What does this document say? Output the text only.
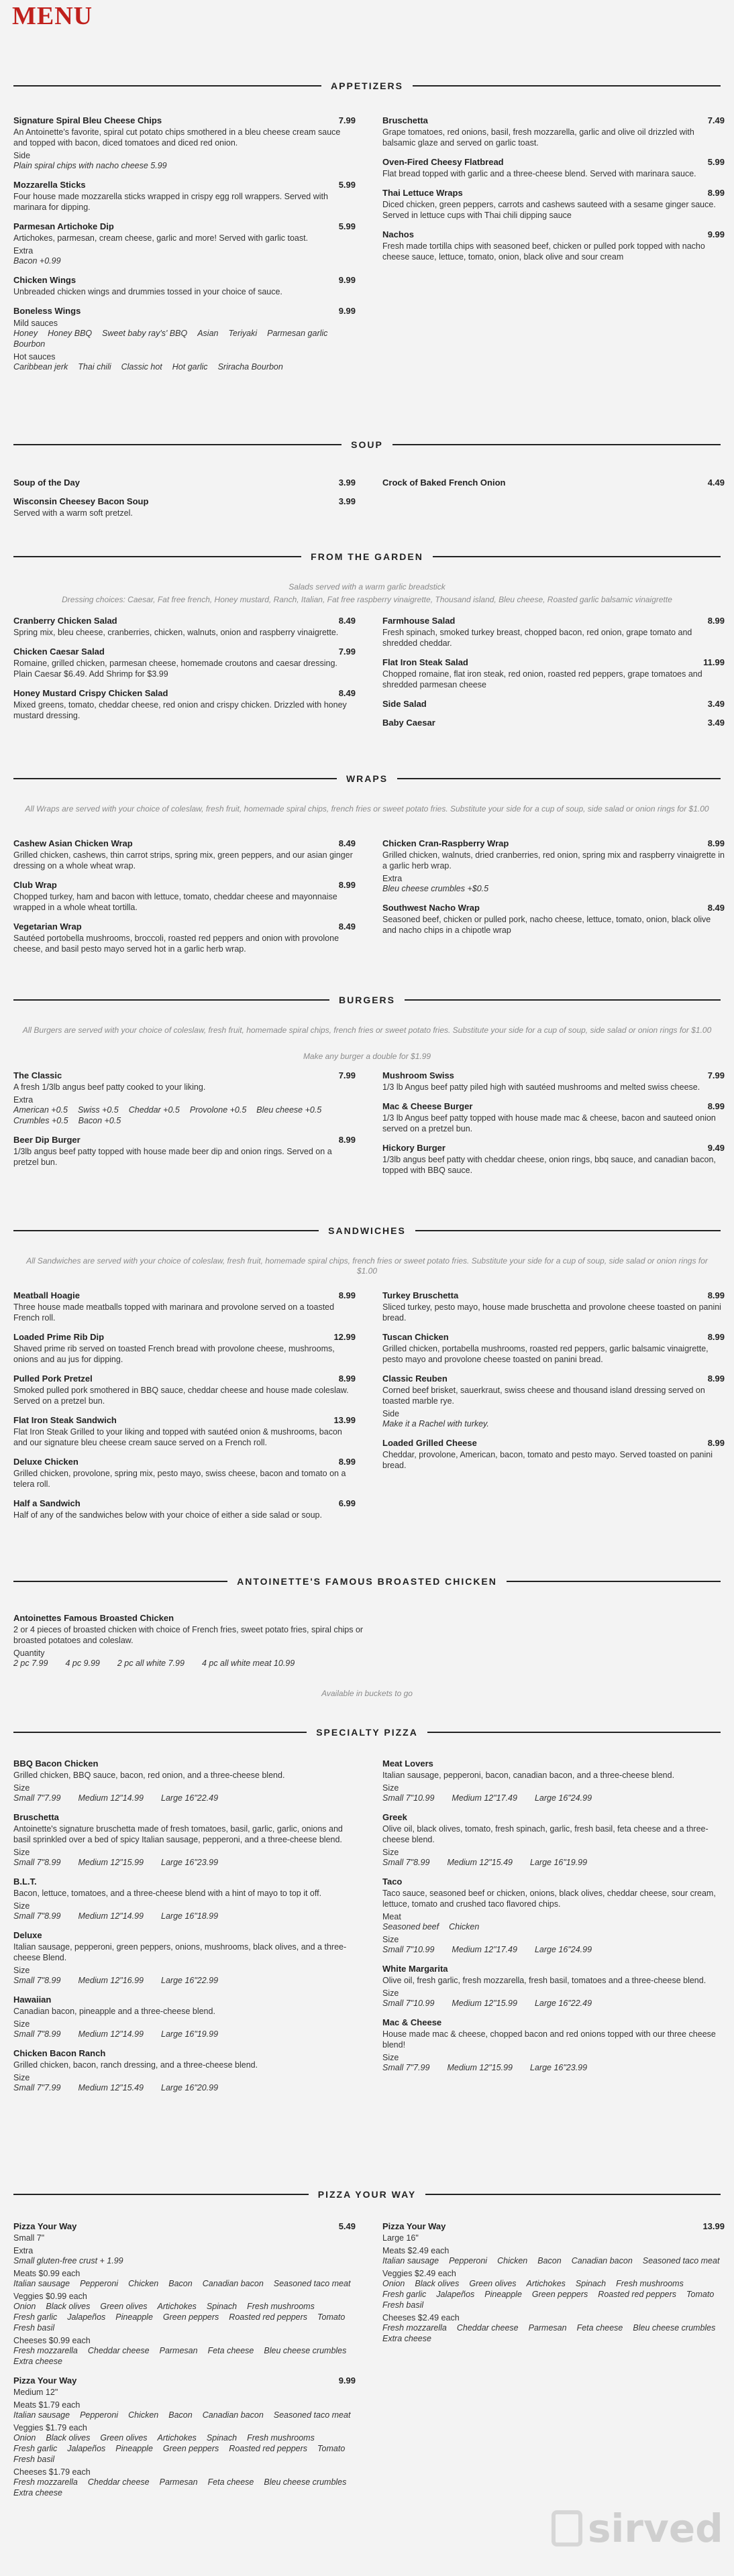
MENU
APPETIZERS
Signature Spiral Bleu Cheese Chips	7.99
An Antoinette's favorite, spiral cut potato chips smothered in a bleu cheese cream sauce and topped with bacon, diced tomatoes and diced red onion.
Side
Plain spiral chips with nacho cheese 5.99
Mozzarella Sticks	5.99
Four house made mozzarella sticks wrapped in crispy egg roll wrappers. Served with marinara for dipping.
Parmesan Artichoke Dip	5.99
Artichokes, parmesan, cream cheese, garlic and more! Served with garlic toast.
Extra
Bacon +0.99
Chicken Wings	9.99
Unbreaded chicken wings and drummies tossed in your choice of sauce.
Boneless Wings	9.99
Mild sauces
Honey Honey BBQ Sweet baby ray's' BBQ Asian Teriyaki Parmesan garlic
Bourbon
Hot sauces
Caribbean jerk Thai chili Classic hot Hot garlic Sriracha Bourbon
Bruschetta	7.49
Grape tomatoes, red onions, basil, fresh mozzarella, garlic and olive oil drizzled with balsamic glaze and served on garlic toast.
Oven-Fired Cheesy Flatbread	5.99
Flat bread topped with garlic and a three-cheese blend. Served with marinara sauce.
Thai Lettuce Wraps	8.99
Diced chicken, green peppers, carrots and cashews sauteed with a sesame ginger sauce. Served in lettuce cups with Thai chili dipping sauce
Nachos	9.99
Fresh made tortilla chips with seasoned beef, chicken or pulled pork topped with nacho cheese sauce, lettuce, tomato, onion, black olive and sour cream
SOUP
Soup of the Day	3.99
Wisconsin Cheesey Bacon Soup	3.99
Served with a warm soft pretzel.
Crock of Baked French Onion	4.49
FROM THE GARDEN
Salads served with a warm garlic breadstick
Dressing choices: Caesar, Fat free french, Honey mustard, Ranch, Italian, Fat free raspberry vinaigrette, Thousand island, Bleu cheese, Roasted garlic balsamic vinaigrette
Cranberry Chicken Salad	8.49
Spring mix, bleu cheese, cranberries, chicken, walnuts, onion and raspberry vinaigrette.
Chicken Caesar Salad	7.99
Romaine, grilled chicken, parmesan cheese, homemade croutons and caesar dressing. Plain Caesar $6.49. Add Shrimp for $3.99
Honey Mustard Crispy Chicken Salad	8.49
Mixed greens, tomato, cheddar cheese, red onion and crispy chicken. Drizzled with honey mustard dressing.
Farmhouse Salad	8.99
Fresh spinach, smoked turkey breast, chopped bacon, red onion, grape tomato and shredded cheddar.
Flat Iron Steak Salad	11.99
Chopped romaine, flat iron steak, red onion, roasted red peppers, grape tomatoes and shredded parmesan cheese
Side Salad	3.49
Baby Caesar	3.49
WRAPS
All Wraps are served with your choice of coleslaw, fresh fruit, homemade spiral chips, french fries or sweet potato fries. Substitute your side for a cup of soup, side salad or onion rings for $1.00
Cashew Asian Chicken Wrap	8.49
Grilled chicken, cashews, thin carrot strips, spring mix, green peppers, and our asian ginger dressing on a whole wheat wrap.
Club Wrap	8.99
Chopped turkey, ham and bacon with lettuce, tomato, cheddar cheese and mayonnaise wrapped in a whole wheat tortilla.
Vegetarian Wrap	8.49
Sautéed portobella mushrooms, broccoli, roasted red peppers and onion with provolone cheese, and basil pesto mayo served hot in a garlic herb wrap.
Chicken Cran-Raspberry Wrap	8.99
Grilled chicken, walnuts, dried cranberries, red onion, spring mix and raspberry vinaigrette in a garlic herb wrap.
Extra
Bleu cheese crumbles +$0.5
Southwest Nacho Wrap	8.49
Seasoned beef, chicken or pulled pork, nacho cheese, lettuce, tomato, onion, black olive and nacho chips in a chipotle wrap
BURGERS
All Burgers are served with your choice of coleslaw, fresh fruit, homemade spiral chips, french fries or sweet potato fries. Substitute your side for a cup of soup, side salad or onion rings for $1.00
Make any burger a double for $1.99
The Classic	7.99
A fresh 1/3lb angus beef patty cooked to your liking.
Extra
American +0.5 Swiss +0.5 Cheddar +0.5 Provolone +0.5 Bleu cheese +0.5
Crumbles +0.5 Bacon +0.5
Beer Dip Burger	8.99
1/3lb angus beef patty topped with house made beer dip and onion rings. Served on a pretzel bun.
Mushroom Swiss	7.99
1/3 lb Angus beef patty piled high with sautéed mushrooms and melted swiss cheese.
Mac & Cheese Burger	8.99
1/3 lb Angus beef patty topped with house made mac & cheese, bacon and sauteed onion served on a pretzel bun.
Hickory Burger	9.49
1/3lb angus beef patty with cheddar cheese, onion rings, bbq sauce, and canadian bacon, topped with BBQ sauce.
SANDWICHES
All Sandwiches are served with your choice of coleslaw, fresh fruit, homemade spiral chips, french fries or sweet potato fries. Substitute your side for a cup of soup, side salad or onion rings for $1.00
Meatball Hoagie	8.99
Three house made meatballs topped with marinara and provolone served on a toasted French roll.
Loaded Prime Rib Dip	12.99
Shaved prime rib served on toasted French bread with provolone cheese, mushrooms, onions and au jus for dipping.
Pulled Pork Pretzel	8.99
Smoked pulled pork smothered in BBQ sauce, cheddar cheese and house made coleslaw. Served on a pretzel bun.
Flat Iron Steak Sandwich	13.99
Flat Iron Steak Grilled to your liking and topped with sautéed onion & mushrooms, bacon and our signature bleu cheese cream sauce served on a French roll.
Deluxe Chicken	8.99
Grilled chicken, provolone, spring mix, pesto mayo, swiss cheese, bacon and tomato on a telera roll.
Half a Sandwich	6.99
Half of any of the sandwiches below with your choice of either a side salad or soup.
Turkey Bruschetta	8.99
Sliced turkey, pesto mayo, house made bruschetta and provolone cheese toasted on panini bread.
Tuscan Chicken	8.99
Grilled chicken, portabella mushrooms, roasted red peppers, garlic balsamic vinaigrette, pesto mayo and provolone cheese toasted on panini bread.
Classic Reuben	8.99
Corned beef brisket, sauerkraut, swiss cheese and thousand island dressing served on toasted marble rye.
Side
Make it a Rachel with turkey.
Loaded Grilled Cheese	8.99
Cheddar, provolone, American, bacon, tomato and pesto mayo. Served toasted on panini bread.
ANTOINETTE'S FAMOUS BROASTED CHICKEN
Antoinettes Famous Broasted Chicken
2 or 4 pieces of broasted chicken with choice of French fries, sweet potato fries, spiral chips or broasted potatoes and coleslaw.
Quantity
2 pc 7.99 4 pc 9.99 2 pc all white 7.99 4 pc all white meat 10.99
Available in buckets to go
SPECIALTY PIZZA
BBQ Bacon Chicken
Grilled chicken, BBQ sauce, bacon, red onion, and a three-cheese blend.
Size
Small 7"7.99 Medium 12"14.99 Large 16"22.49
Bruschetta
Antoinette's signature bruschetta made of fresh tomatoes, basil, garlic, garlic, onions and basil sprinkled over a bed of spicy Italian sausage, pepperoni, and a three-cheese blend.
Size
Small 7"8.99 Medium 12"15.99 Large 16"23.99
B.L.T.
Bacon, lettuce, tomatoes, and a three-cheese blend with a hint of mayo to top it off.
Size
Small 7"8.99 Medium 12"14.99 Large 16"18.99
Deluxe
Italian sausage, pepperoni, green peppers, onions, mushrooms, black olives, and a three-cheese Blend.
Size
Small 7"8.99 Medium 12"16.99 Large 16"22.99
Hawaiian
Canadian bacon, pineapple and a three-cheese blend.
Size
Small 7"8.99 Medium 12"14.99 Large 16"19.99
Chicken Bacon Ranch
Grilled chicken, bacon, ranch dressing, and a three-cheese blend.
Size
Small 7"7.99 Medium 12"15.49 Large 16"20.99
Meat Lovers
Italian sausage, pepperoni, bacon, canadian bacon, and a three-cheese blend.
Size
Small 7"10.99 Medium 12"17.49 Large 16"24.99
Greek
Olive oil, black olives, tomato, fresh spinach, garlic, fresh basil, feta cheese and a three-cheese blend.
Size
Small 7"8.99 Medium 12"15.49 Large 16"19.99
Taco
Taco sauce, seasoned beef or chicken, onions, black olives, cheddar cheese, sour cream, lettuce, tomato and crushed taco flavored chips.
Meat
Seasoned beef Chicken
Size
Small 7"10.99 Medium 12"17.49 Large 16"24.99
White Margarita
Olive oil, fresh garlic, fresh mozzarella, fresh basil, tomatoes and a three-cheese blend.
Size
Small 7"10.99 Medium 12"15.99 Large 16"22.49
Mac & Cheese
House made mac & cheese, chopped bacon and red onions topped with our three cheese blend!
Size
Small 7"7.99 Medium 12"15.99 Large 16"23.99
PIZZA YOUR WAY
Pizza Your Way	5.49
Small 7"
Extra
Small gluten-free crust + 1.99
Meats $0.99 each
Italian sausage Pepperoni Chicken Bacon Canadian bacon Seasoned taco meat
Veggies $0.99 each
Onion Black olives Green olives Artichokes Spinach Fresh mushrooms
Fresh garlic Jalapeños Pineapple Green peppers Roasted red peppers Tomato
Fresh basil
Cheeses $0.99 each
Fresh mozzarella Cheddar cheese Parmesan Feta cheese Bleu cheese crumbles
Extra cheese
Pizza Your Way	9.99
Medium 12"
Meats $1.79 each
Italian sausage Pepperoni Chicken Bacon Canadian bacon Seasoned taco meat
Veggies $1.79 each
Onion Black olives Green olives Artichokes Spinach Fresh mushrooms
Fresh garlic Jalapeños Pineapple Green peppers Roasted red peppers Tomato
Fresh basil
Cheeses $1.79 each
Fresh mozzarella Cheddar cheese Parmesan Feta cheese Bleu cheese crumbles
Extra cheese
Pizza Your Way	13.99
Large 16"
Meats $2.49 each
Italian sausage Pepperoni Chicken Bacon Canadian bacon Seasoned taco meat
Veggies $2.49 each
Onion Black olives Green olives Artichokes Spinach Fresh mushrooms
Fresh garlic Jalapeños Pineapple Green peppers Roasted red peppers Tomato
Fresh basil
Cheeses $2.49 each
Fresh mozzarella Cheddar cheese Parmesan Feta cheese Bleu cheese crumbles
Extra cheese
sirved
